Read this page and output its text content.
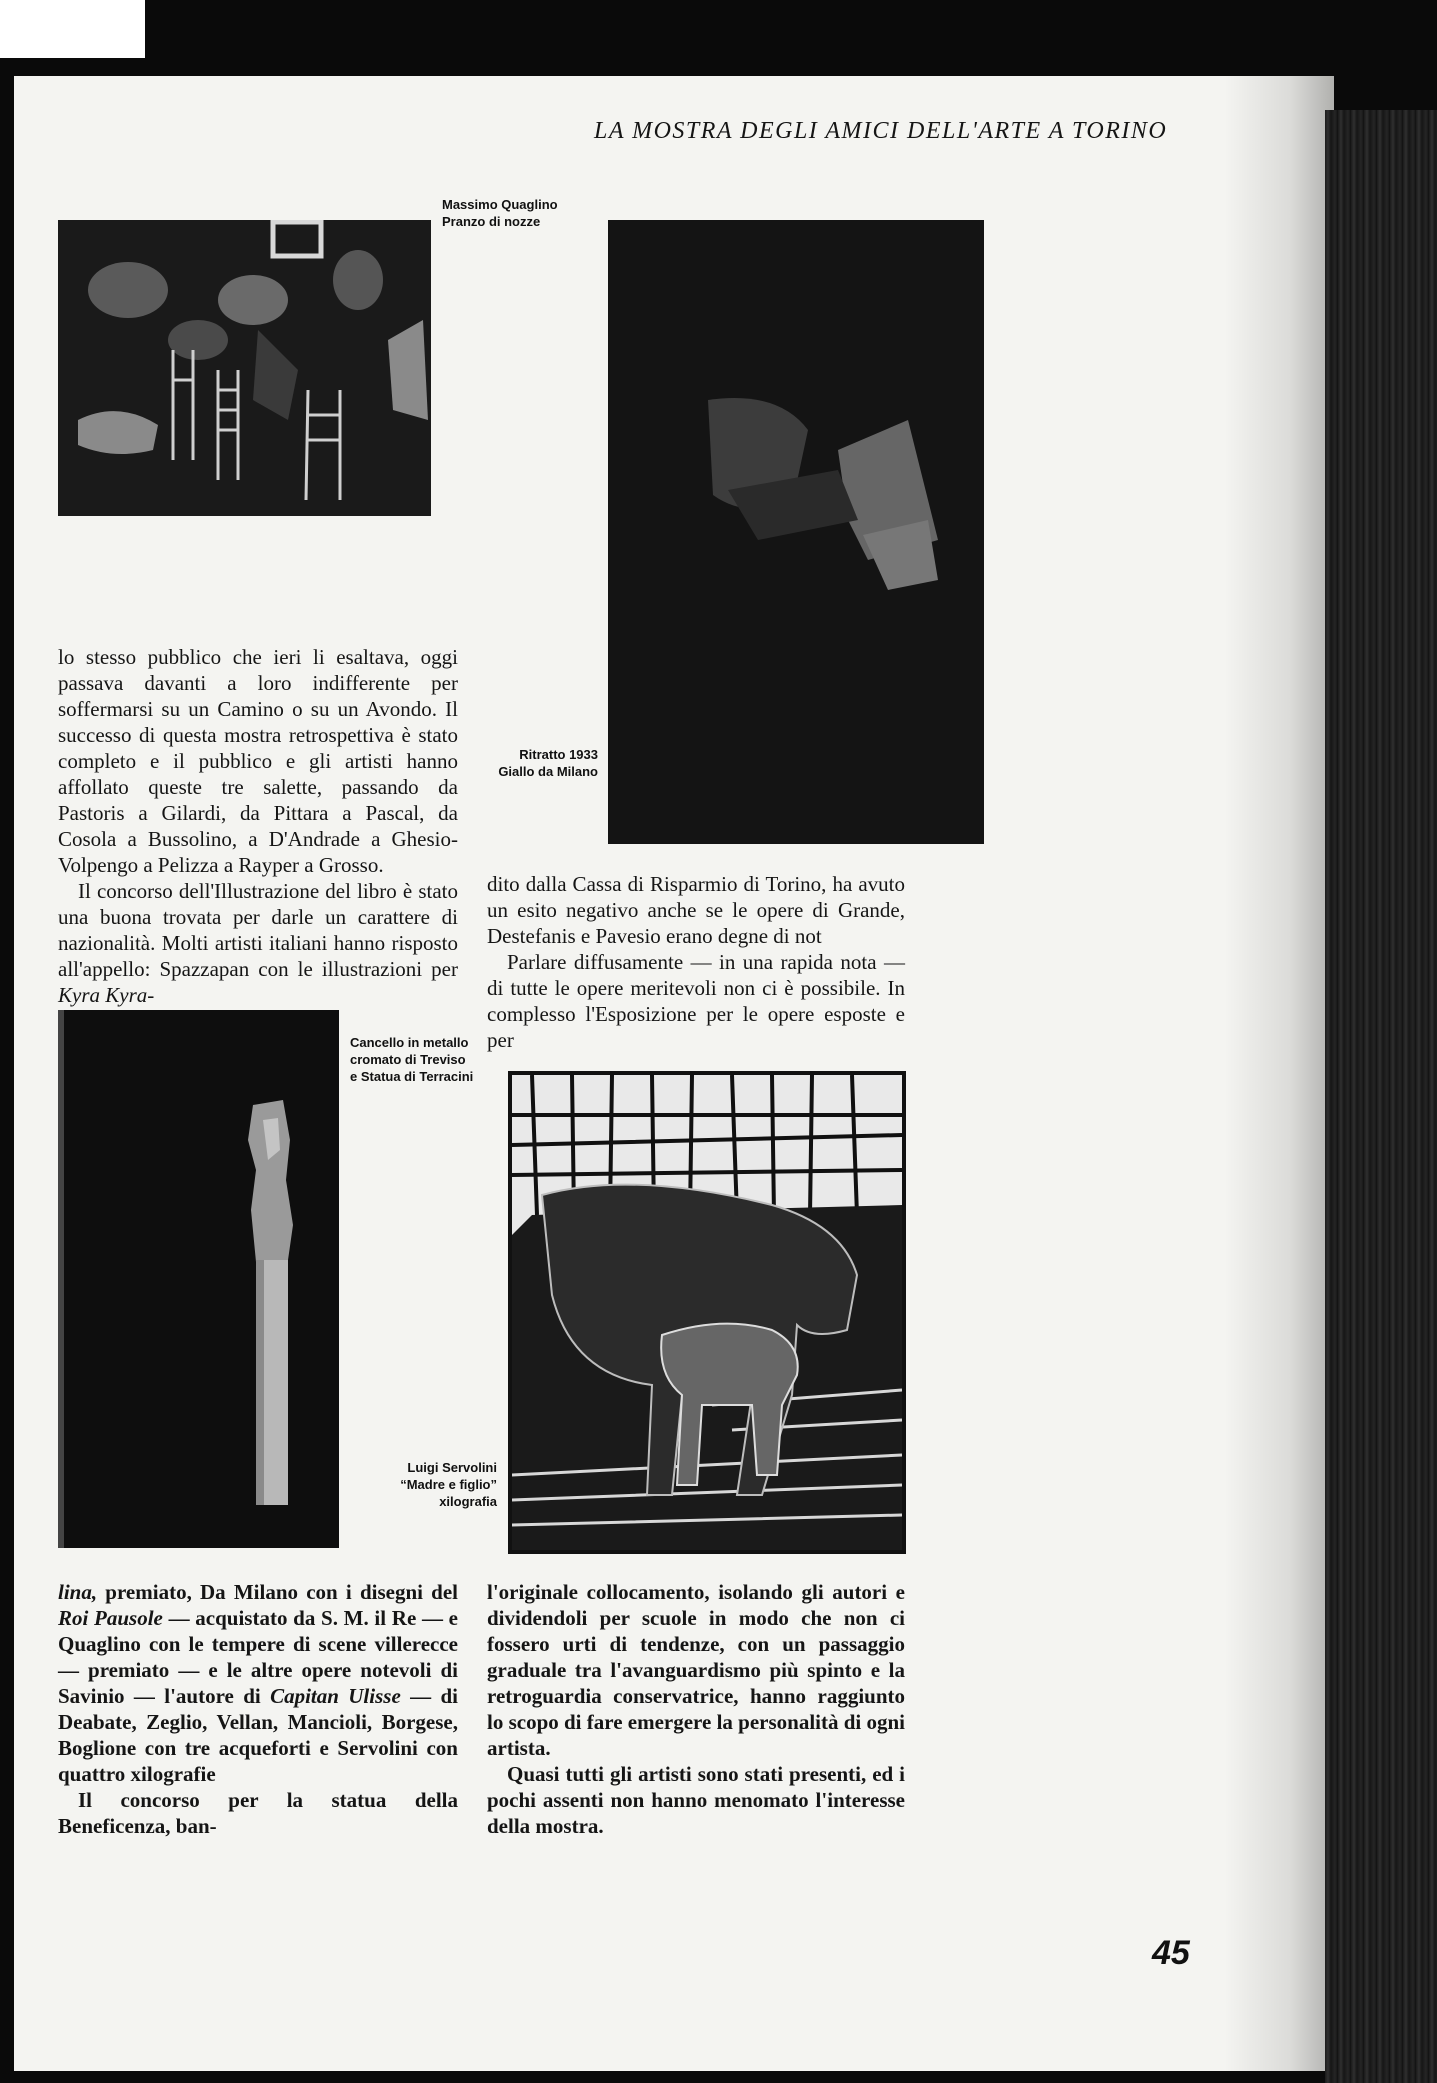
LA MOSTRA DEGLI AMICI DELL'ARTE A TORINO
Massimo Quaglino
Pranzo di nozze
Ritratto 1933
Giallo da Milano

lo stesso pubblico che ieri li esaltava, oggi passava davanti a loro indifferente per soffermarsi su un Camino o su un Avondo. Il successo di questa mostra retrospettiva è stato completo e il pubblico e gli artisti hanno affollato queste tre salette, passando da Pastoris a Gilardi, da Pittara a Pascal, da Cosola a Bussolino, a D'Andrade a Ghesio-Volpengo a Pelizza a Rayper a Grosso.

Il concorso dell'Illustrazione del libro è stato una buona trovata per darle un carattere di nazionalità. Molti artisti italiani hanno risposto all'appello: Spazzapan con le illustrazioni per Kyra Kyra-

dito dalla Cassa di Risparmio di Torino, ha avuto un esito negativo anche se le opere di Grande, Destefanis e Pavesio erano degne di not

Parlare diffusamente — in una rapida nota — di tutte le opere meritevoli non ci è possibile. In complesso l'Esposizione per le opere esposte e per

Cancello in metallo
cromato di Treviso
e Statua di Terracini
Luigi Servolini
“Madre e figlio”
xilografia

lina, premiato, Da Milano con i disegni del Roi Pausole — acquistato da S. M. il Re — e Quaglino con le tempere di scene villerecce — premiato — e le altre opere notevoli di Savinio — l'autore di Capitan Ulisse — di Deabate, Zeglio, Vellan, Mancioli, Borgese, Boglione con tre acqueforti e Servolini con quattro xilografie

Il concorso per la statua della Beneficenza, ban-

l'originale collocamento, isolando gli autori e dividendoli per scuole in modo che non ci fossero urti di tendenze, con un passaggio graduale tra l'avanguardismo più spinto e la retroguardia conservatrice, hanno raggiunto lo scopo di fare emergere la personalità di ogni artista.

Quasi tutti gli artisti sono stati presenti, ed i pochi assenti non hanno menomato l'interesse della mostra.

45
